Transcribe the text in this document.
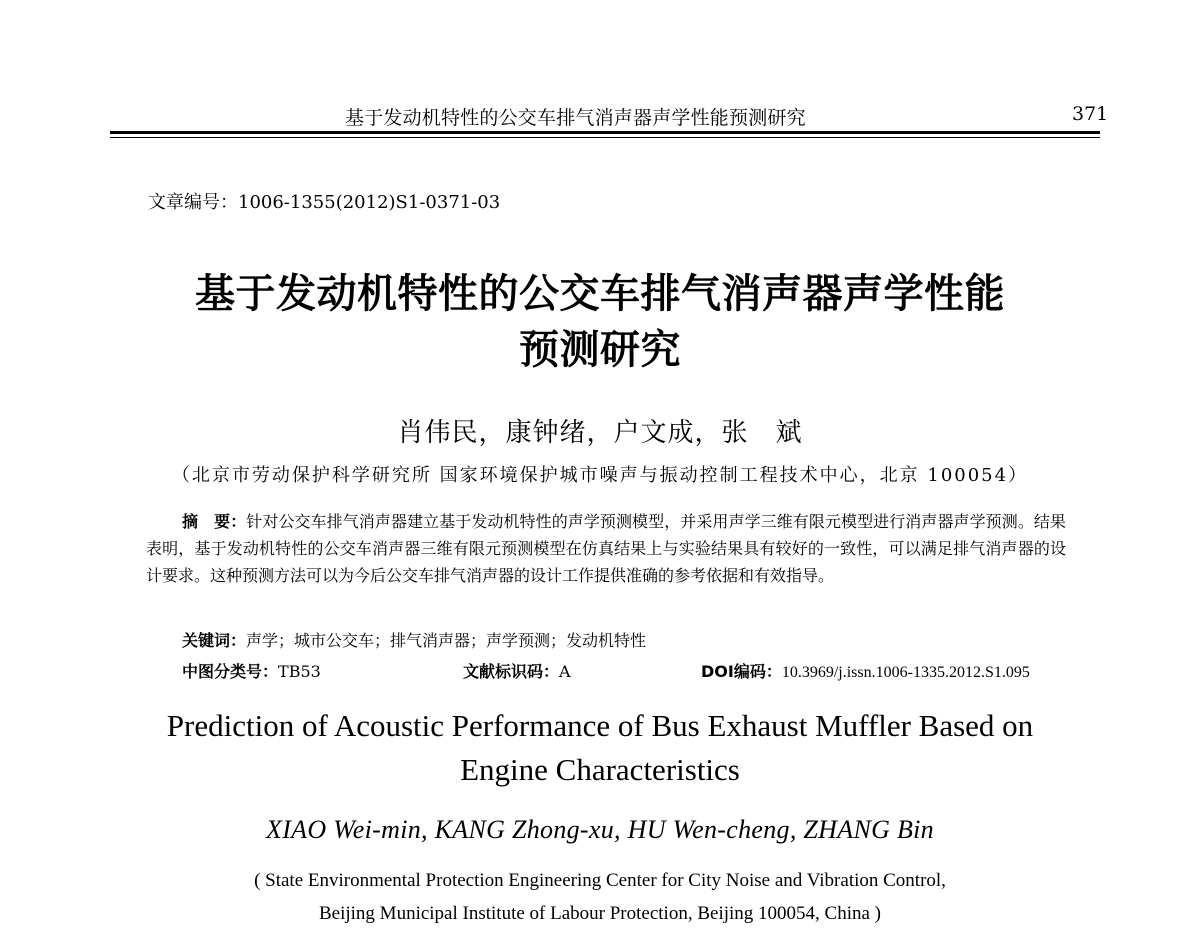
基于发动机特性的公交车排气消声器声学性能预测研究	371
文章编号：1006-1355(2012)S1-0371-03
基于发动机特性的公交车排气消声器声学性能
预测研究
肖伟民，康钟绪，户文成，张　斌
（北京市劳动保护科学研究所 国家环境保护城市噪声与振动控制工程技术中心，北京 100054）
摘　要：针对公交车排气消声器建立基于发动机特性的声学预测模型，并采用声学三维有限元模型进行消声器声学预测。结果表明，基于发动机特性的公交车消声器三维有限元预测模型在仿真结果上与实验结果具有较好的一致性，可以满足排气消声器的设计要求。这种预测方法可以为今后公交车排气消声器的设计工作提供准确的参考依据和有效指导。
关键词：声学；城市公交车；排气消声器；声学预测；发动机特性
中图分类号：TB53	文献标识码：A	DOI编码：10.3969/j.issn.1006-1335.2012.S1.095
Prediction of Acoustic Performance of Bus Exhaust Muffler Based on
Engine Characteristics
XIAO Wei-min, KANG Zhong-xu, HU Wen-cheng, ZHANG Bin
( State Environmental Protection Engineering Center for City Noise and Vibration Control,
Beijing Municipal Institute of Labour Protection, Beijing 100054, China )
